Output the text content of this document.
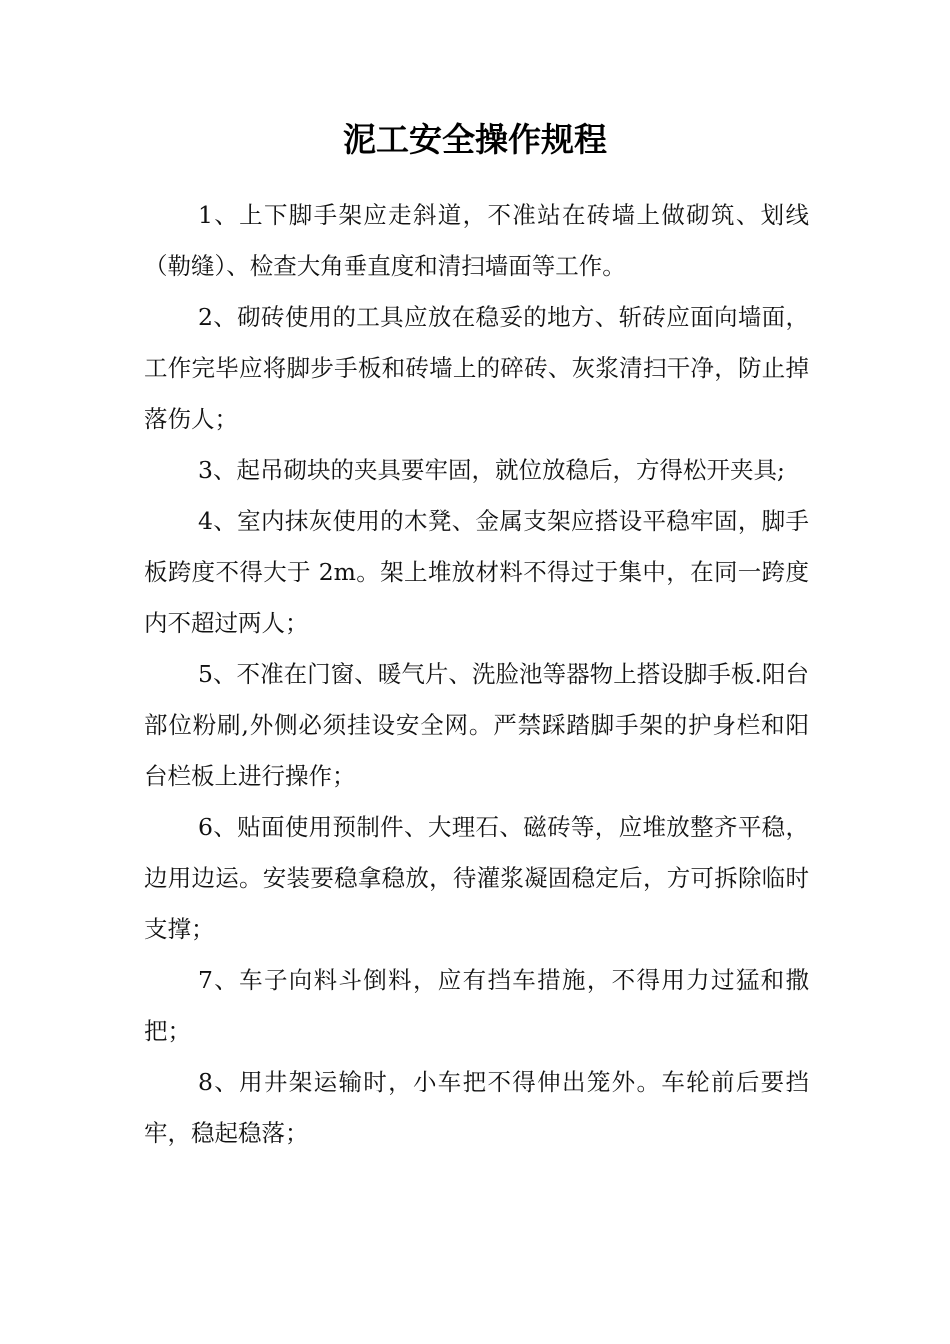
泥工安全操作规程

1、上下脚手架应走斜道，不准站在砖墙上做砌筑、划线 （勒缝）、检查大角垂直度和清扫墙面等工作。

2、砌砖使用的工具应放在稳妥的地方、斩砖应面向墙面，工作完毕应将脚步手板和砖墙上的碎砖、灰浆清扫干净，防止掉落伤人；

3、起吊砌块的夹具要牢固，就位放稳后，方得松开夹具;

4、室内抹灰使用的木凳、金属支架应搭设平稳牢固，脚手板跨度不得大于 2m。架上堆放材料不得过于集中，在同一跨度内不超过两人；

5、不准在门窗、暖气片、洗脸池等器物上搭设脚手板.阳台部位粉刷,外侧必须挂设安全网。严禁踩踏脚手架的护身栏和阳台栏板上进行操作；

6、贴面使用预制件、大理石、磁砖等，应堆放整齐平稳，边用边运。安装要稳拿稳放，待灌浆凝固稳定后，方可拆除临时支撑；

7、车子向料斗倒料，应有挡车措施，不得用力过猛和撒把；

8、用井架运输时，小车把不得伸出笼外。车轮前后要挡牢，稳起稳落；
